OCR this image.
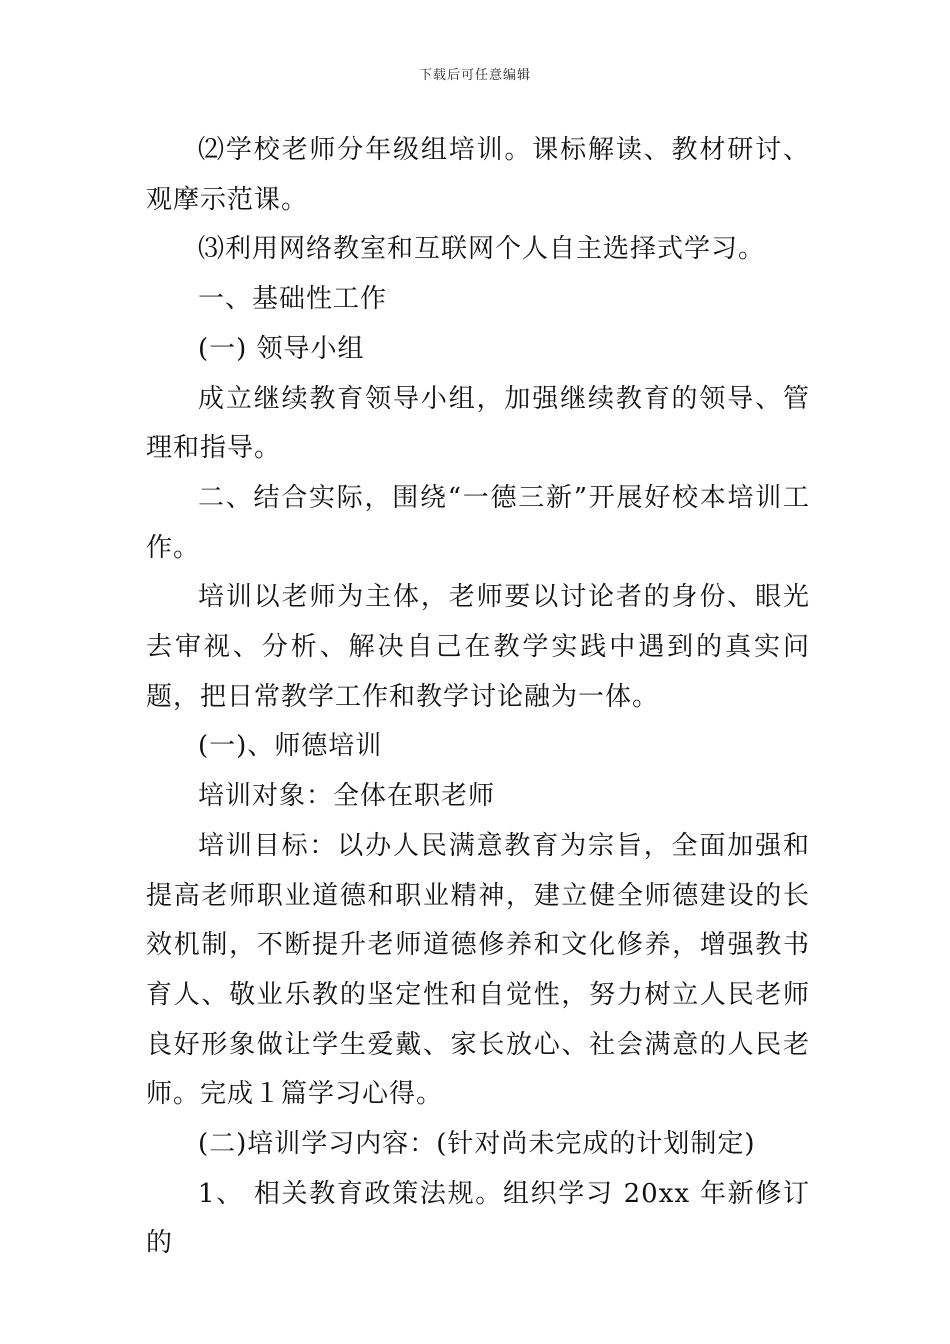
下载后可任意编辑

⑵学校老师分年级组培训。课标解读、教材研讨、观摩示范课。

⑶利用网络教室和互联网个人自主选择式学习。

一、基础性工作

(一) 领导小组

成立继续教育领导小组，加强继续教育的领导、管理和指导。

二、结合实际，围绕“一德三新”开展好校本培训工作。

培训以老师为主体，老师要以讨论者的身份、眼光去审视、分析、解决自己在教学实践中遇到的真实问题，把日常教学工作和教学讨论融为一体。

(一)、师德培训

培训对象：全体在职老师

培训目标：以办人民满意教育为宗旨，全面加强和提高老师职业道德和职业精神，建立健全师德建设的长效机制，不断提升老师道德修养和文化修养，增强教书育人、敬业乐教的坚定性和自觉性，努力树立人民老师良好形象做让学生爱戴、家长放心、社会满意的人民老师。完成１篇学习心得。

(二)培训学习内容：(针对尚未完成的计划制定)

1、 相关教育政策法规。组织学习 20xx 年新修订的
